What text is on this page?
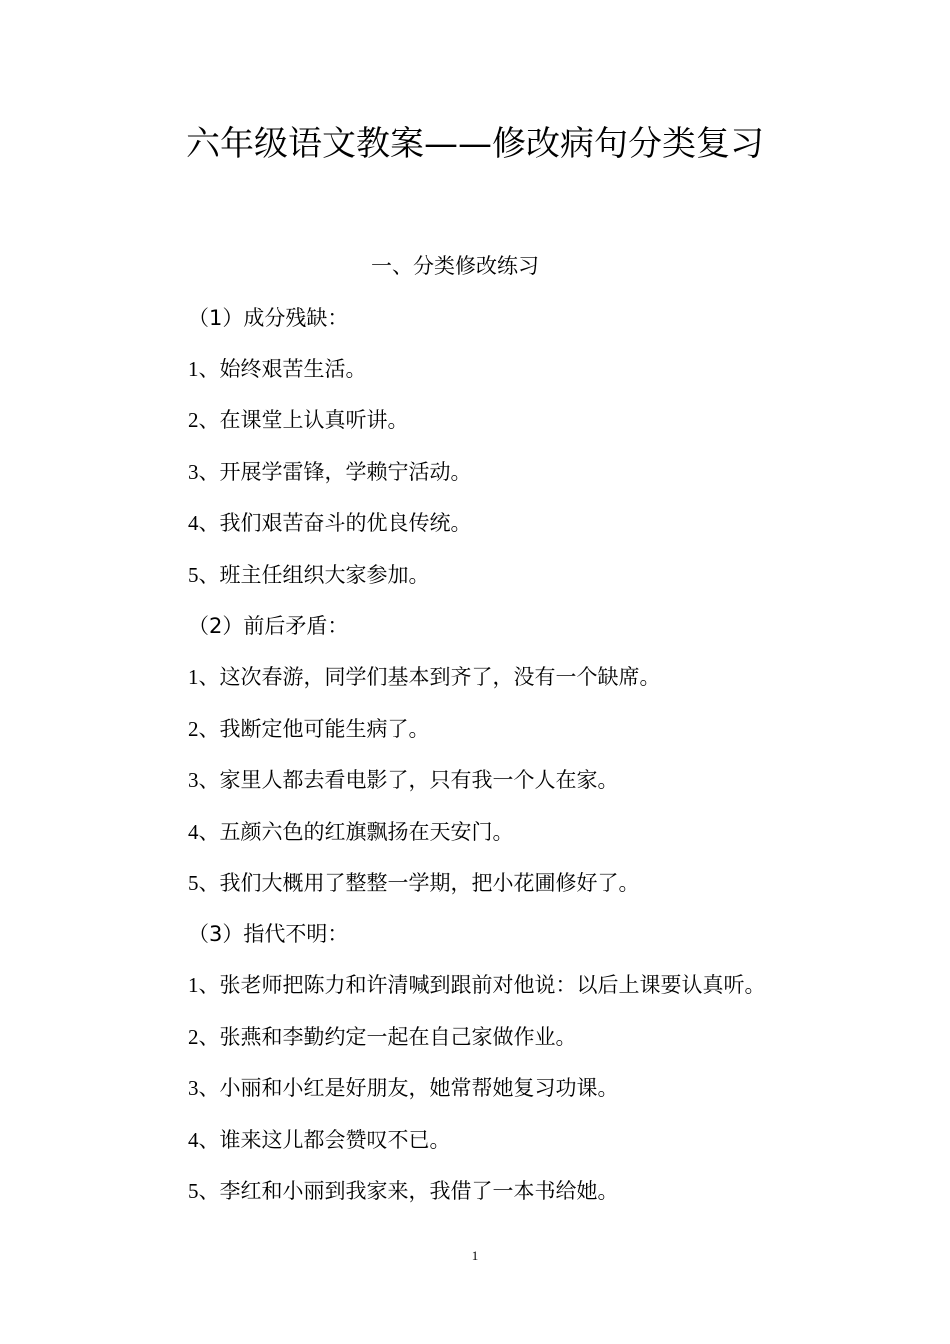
六年级语文教案——修改病句分类复习
一、分类修改练习
（1）成分残缺：
1、始终艰苦生活。
2、在课堂上认真听讲。
3、开展学雷锋，学赖宁活动。
4、我们艰苦奋斗的优良传统。
5、班主任组织大家参加。
（2）前后矛盾：
1、这次春游，同学们基本到齐了，没有一个缺席。
2、我断定他可能生病了。
3、家里人都去看电影了，只有我一个人在家。
4、五颜六色的红旗飘扬在天安门。
5、我们大概用了整整一学期，把小花圃修好了。
（3）指代不明：
1、张老师把陈力和许清喊到跟前对他说：以后上课要认真听。
2、张燕和李勤约定一起在自己家做作业。
3、小丽和小红是好朋友，她常帮她复习功课。
4、谁来这儿都会赞叹不已。
5、李红和小丽到我家来，我借了一本书给她。
1
